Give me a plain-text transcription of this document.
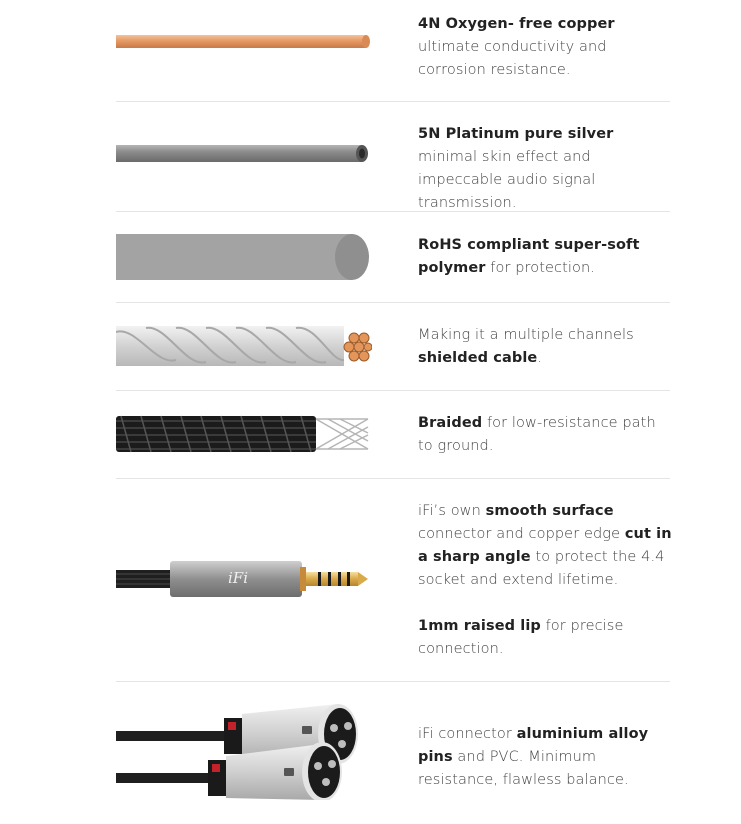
4N Oxygen- free copper ultimate conductivity and corrosion resistance.

5N Platinum pure silver minimal skin effect and impeccable audio signal transmission.

RoHS compliant super-soft polymer for protection.

Making it a multiple channels shielded cable.

Braided for low-resistance path to ground.

iFi

iFi’s own smooth surface connector and copper edge cut in a sharp angle to protect the 4.4 socket and extend lifetime.

1mm raised lip for precise connection.

iFi connector aluminium alloy pins and PVC. Minimum resistance, flawless balance.
